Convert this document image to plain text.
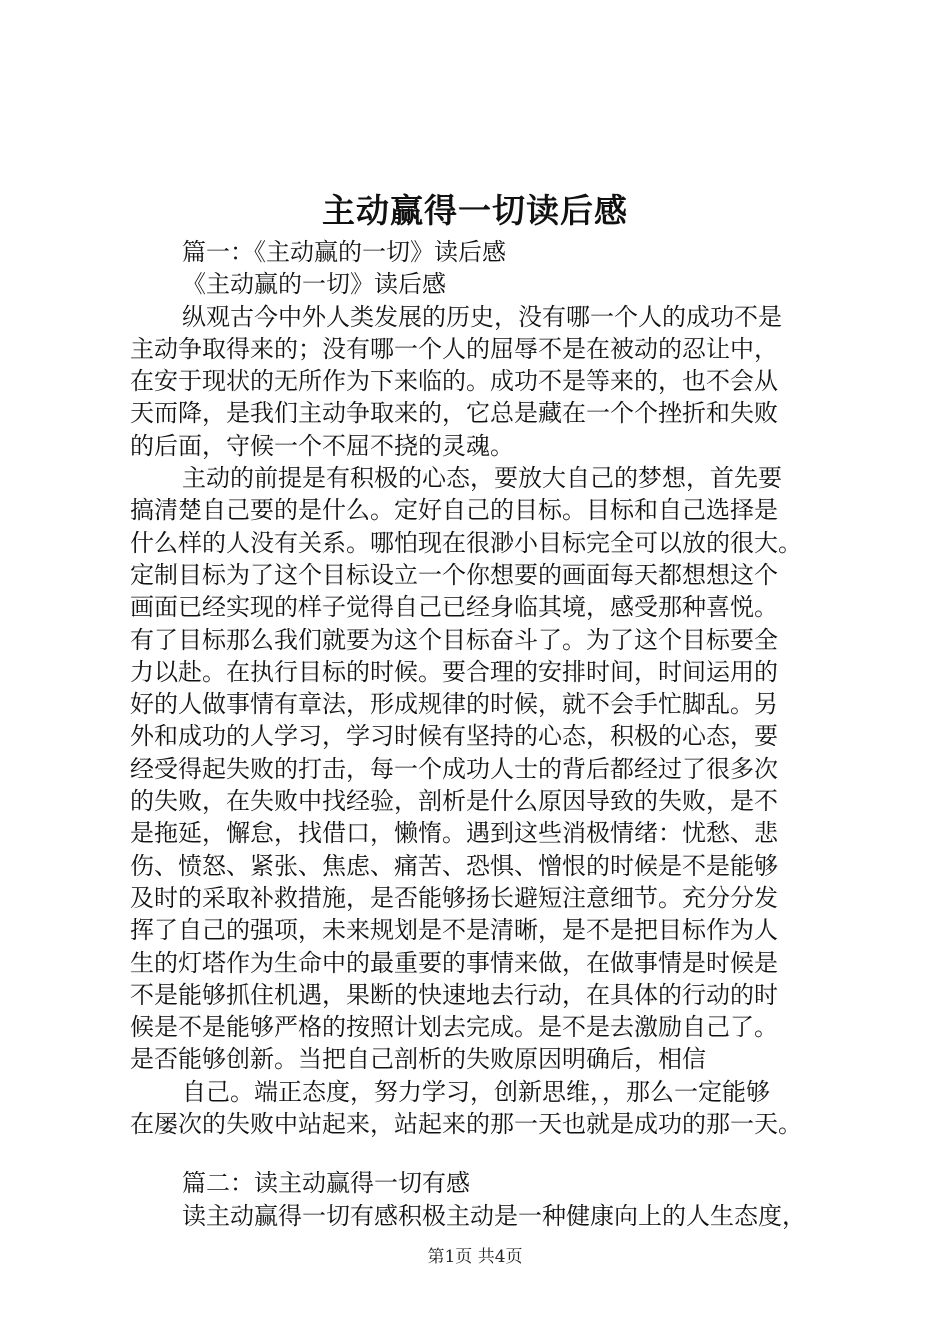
主动赢得一切读后感
篇一：《主动赢的一切》读后感
《主动赢的一切》读后感
纵观古今中外人类发展的历史，没有哪一个人的成功不是
主动争取得来的；没有哪一个人的屈辱不是在被动的忍让中，
在安于现状的无所作为下来临的。成功不是等来的，也不会从
天而降，是我们主动争取来的，它总是藏在一个个挫折和失败
的后面，守候一个不屈不挠的灵魂。
主动的前提是有积极的心态，要放大自己的梦想，首先要
搞清楚自己要的是什么。定好自己的目标。目标和自己选择是
什么样的人没有关系。哪怕现在很渺小目标完全可以放的很大。
定制目标为了这个目标设立一个你想要的画面每天都想想这个
画面已经实现的样子觉得自己已经身临其境，感受那种喜悦。
有了目标那么我们就要为这个目标奋斗了。为了这个目标要全
力以赴。在执行目标的时候。要合理的安排时间，时间运用的
好的人做事情有章法，形成规律的时候，就不会手忙脚乱。另
外和成功的人学习，学习时候有坚持的心态，积极的心态，要
经受得起失败的打击，每一个成功人士的背后都经过了很多次
的失败，在失败中找经验，剖析是什么原因导致的失败，是不
是拖延，懈怠，找借口，懒惰。遇到这些消极情绪：忧愁、悲
伤、愤怒、紧张、焦虑、痛苦、恐惧、憎恨的时候是不是能够
及时的采取补救措施，是否能够扬长避短注意细节。充分分发
挥了自己的强项，未来规划是不是清晰，是不是把目标作为人
生的灯塔作为生命中的最重要的事情来做，在做事情是时候是
不是能够抓住机遇，果断的快速地去行动，在具体的行动的时
候是不是能够严格的按照计划去完成。是不是去激励自己了。
是否能够创新。当把自己剖析的失败原因明确后，相信
自己。端正态度，努力学习，创新思维，，那么一定能够
在屡次的失败中站起来，站起来的那一天也就是成功的那一天。
篇二：读主动赢得一切有感
读主动赢得一切有感积极主动是一种健康向上的人生态度，
第1页 共4页
